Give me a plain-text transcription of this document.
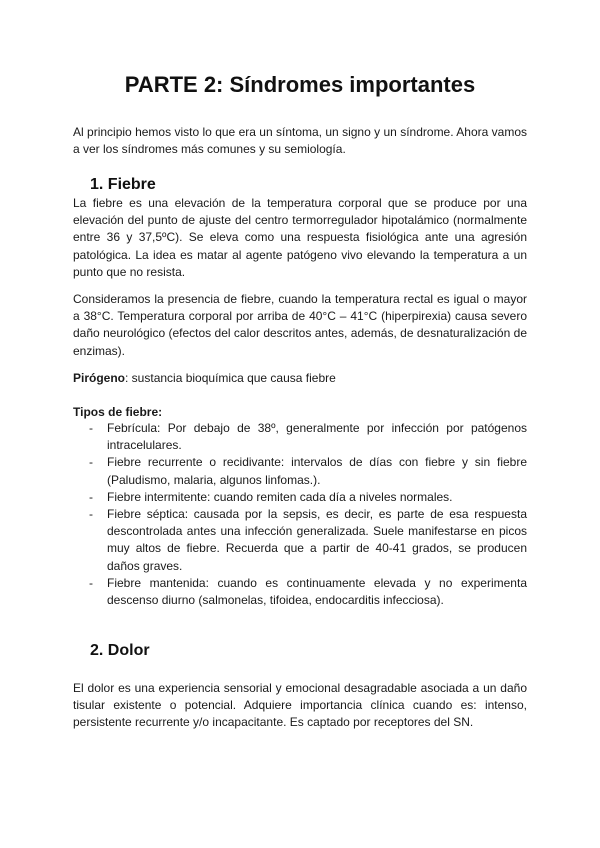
PARTE 2: Síndromes importantes

Al principio hemos visto lo que era un síntoma, un signo y un síndrome. Ahora vamos a ver los síndromes más comunes y su semiología.

1. Fiebre

La fiebre es una elevación de la temperatura corporal que se produce por una elevación del punto de ajuste del centro termorregulador hipotalámico (normalmente entre 36 y 37,5ºC). Se eleva como una respuesta fisiológica ante una agresión patológica. La idea es matar al agente patógeno vivo elevando la temperatura a un punto que no resista.

Consideramos la presencia de fiebre, cuando la temperatura rectal es igual o mayor a 38°C. Temperatura corporal por arriba de 40°C – 41°C (hiperpirexia) causa severo daño neurológico (efectos del calor descritos antes, además, de desnaturalización de enzimas).

Pirógeno: sustancia bioquímica que causa fiebre

Tipos de fiebre:

- Febrícula: Por debajo de 38º, generalmente por infección por patógenos intracelulares.
- Fiebre recurrente o recidivante: intervalos de días con fiebre y sin fiebre (Paludismo, malaria, algunos linfomas.).
- Fiebre intermitente: cuando remiten cada día a niveles normales.
- Fiebre séptica: causada por la sepsis, es decir, es parte de esa respuesta descontrolada antes una infección generalizada. Suele manifestarse en picos muy altos de fiebre. Recuerda que a partir de 40-41 grados, se producen daños graves.
- Fiebre mantenida: cuando es continuamente elevada y no experimenta descenso diurno (salmonelas, tifoidea, endocarditis infecciosa).
2. Dolor

El dolor es una experiencia sensorial y emocional desagradable asociada a un daño tisular existente o potencial. Adquiere importancia clínica cuando es: intenso, persistente recurrente y/o incapacitante. Es captado por receptores del SN.
